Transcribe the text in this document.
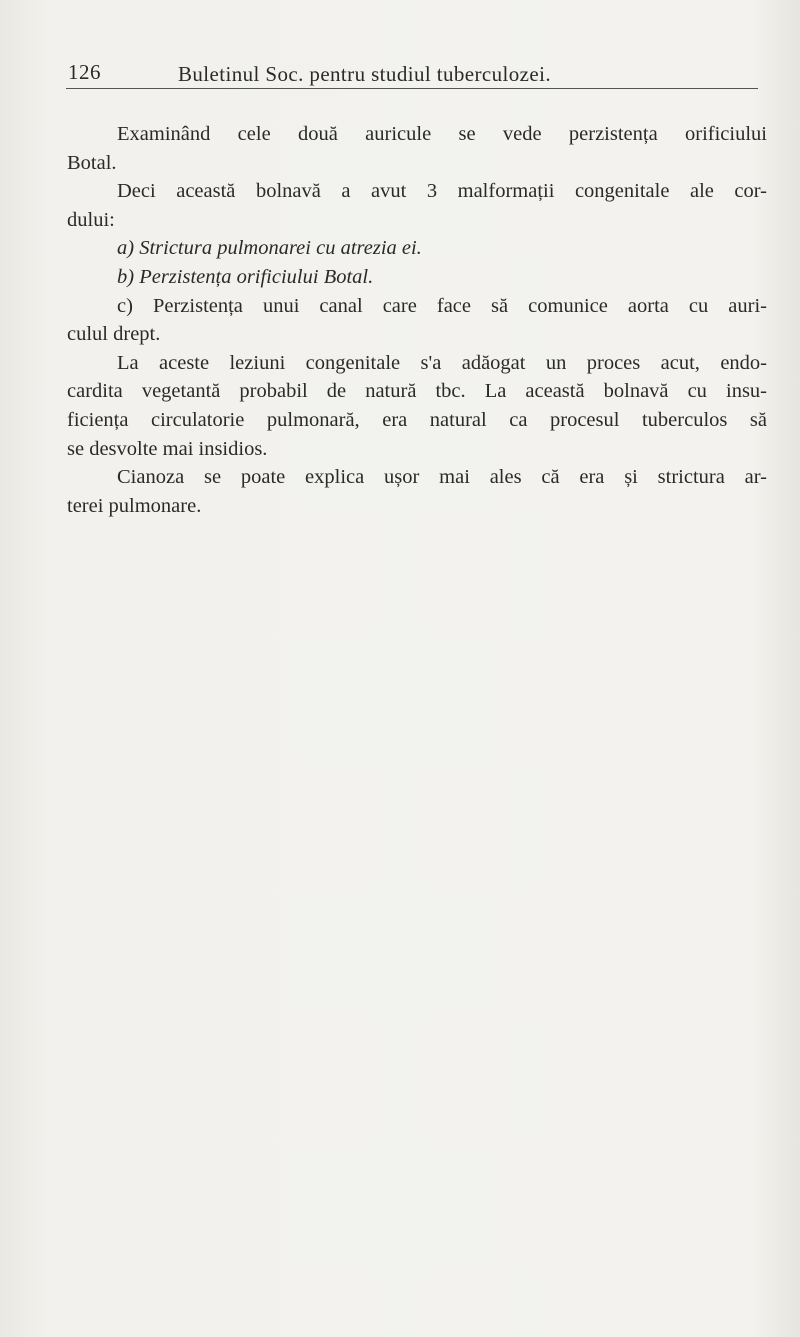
126	Buletinul Soc. pentru studiul tuberculozei.
Examinând cele două auricule se vede perzistența orificiului
Botal.
Deci această bolnavă a avut 3 malformații congenitale ale cor-
dului:
a) Strictura pulmonarei cu atrezia ei.
b) Perzistența orificiului Botal.
c) Perzistența unui canal care face să comunice aorta cu auri-
culul drept.
La aceste leziuni congenitale s'a adăogat un proces acut, endo-
cardita vegetantă probabil de natură tbc. La această bolnavă cu insu-
ficiența circulatorie pulmonară, era natural ca procesul tuberculos să
se desvolte mai insidios.
Cianoza se poate explica ușor mai ales că era și strictura ar-
terei pulmonare.
